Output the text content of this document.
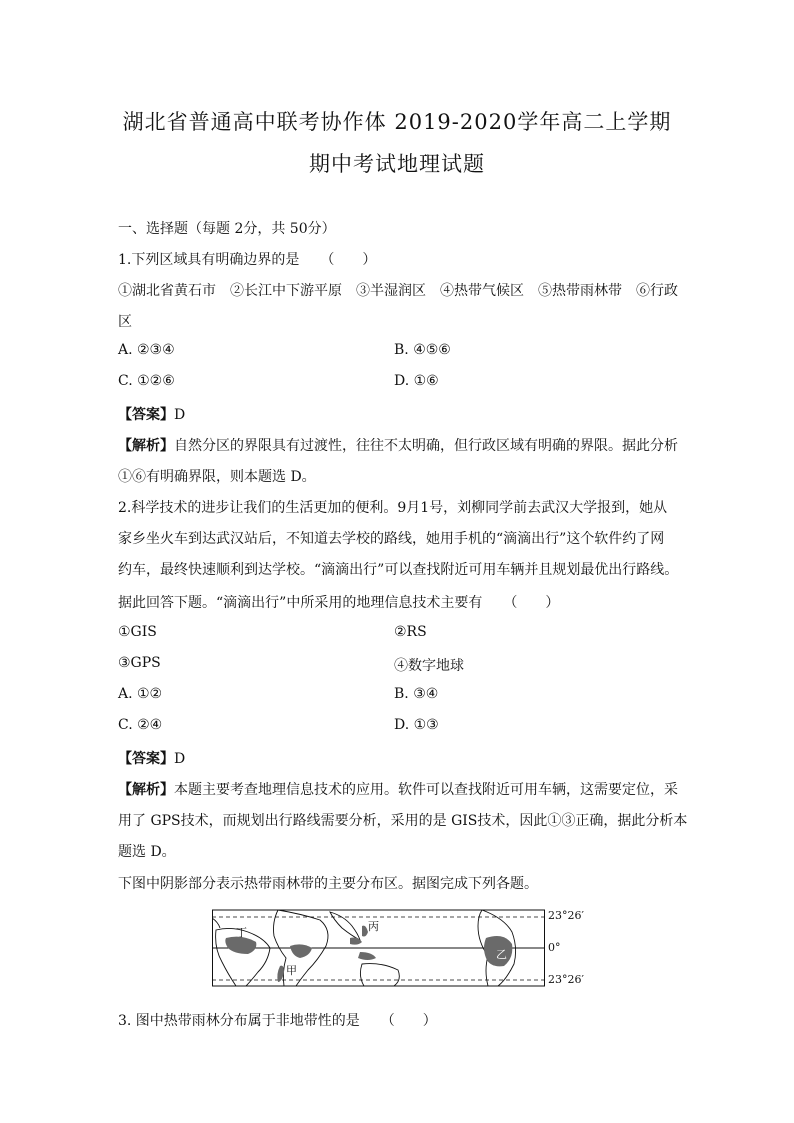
湖北省普通高中联考协作体 2019-2020学年高二上学期
期中考试地理试题
一、选择题（每题 2分，共 50分）
1.下列区域具有明确边界的是　　（　　）
①湖北省黄石市　②长江中下游平原　③半湿润区　④热带气候区　⑤热带雨林带　⑥行政
区
A. ②③④	B. ④⑤⑥
C. ①②⑥	D. ①⑥
【答案】D
【解析】自然分区的界限具有过渡性，往往不太明确，但行政区域有明确的界限。据此分析
①⑥有明确界限，则本题选 D。
2.科学技术的进步让我们的生活更加的便利。9月1号，刘柳同学前去武汉大学报到，她从
家乡坐火车到达武汉站后，不知道去学校的路线，她用手机的“滴滴出行”这个软件约了网
约车，最终快速顺利到达学校。“滴滴出行”可以查找附近可用车辆并且规划最优出行路线。
据此回答下题。“滴滴出行”中所采用的地理信息技术主要有　　（　　）
①GIS	②RS
③GPS	④数字地球
A. ①②	B. ③④
C. ②④	D. ①③
【答案】D
【解析】本题主要考查地理信息技术的应用。软件可以查找附近可用车辆，这需要定位，采
用了 GPS技术，而规划出行路线需要分析，采用的是 GIS技术，因此①③正确，据此分析本
题选 D。
下图中阴影部分表示热带雨林带的主要分布区。据图完成下列各题。
丁
甲
丙
乙
23°26′
0°
23°26′
3. 图中热带雨林分布属于非地带性的是　　（　　）
